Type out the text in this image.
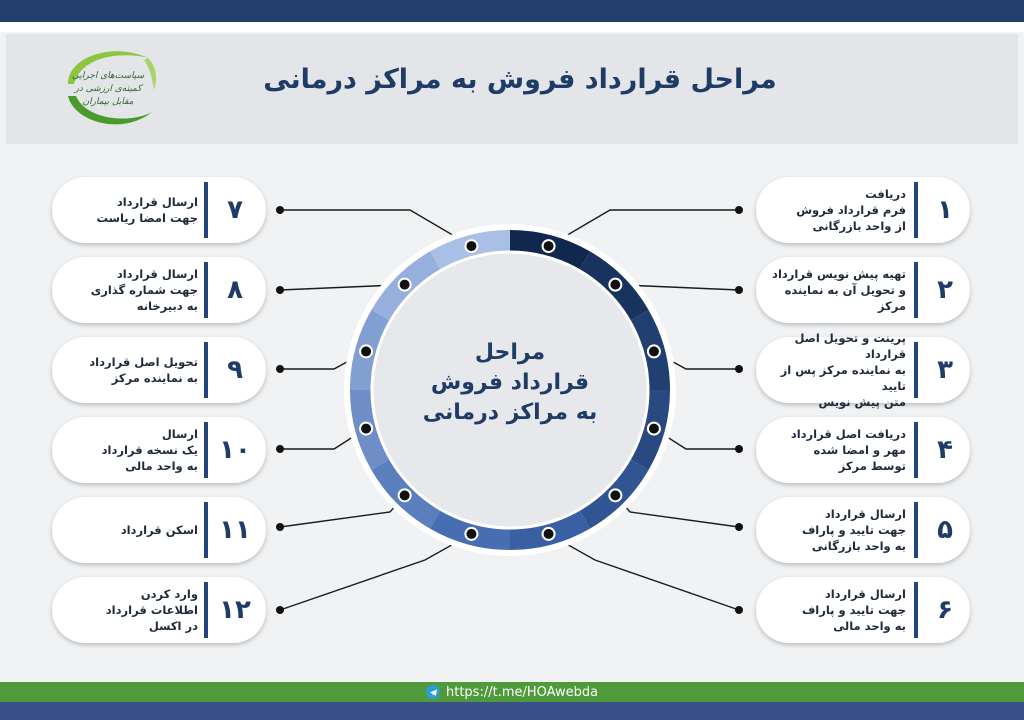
سیاست‌های اجرایی کمیته‌ی ارزشی در مقابل بیماران
مراحل قرارداد فروش به مراکز درمانی
مراحل
قرارداد فروش
به مراکز درمانی
۱
دریافت
فرم قرارداد فروش
از واحد بازرگانی
۲
تهیه پیش نویس قرارداد
و تحویل آن به نماینده مرکز
۳
پرینت و تحویل اصل قرارداد
به نماینده مرکز پس از تایید
متن پیش نویس
۴
دریافت اصل قرارداد
مهر و امضا شده
توسط مرکز
۵
ارسال قرارداد
جهت تایید و پاراف
به واحد بازرگانی
۶
ارسال قرارداد
جهت تایید و پاراف
به واحد مالی
۷
ارسال قرارداد
جهت امضا ریاست
۸
ارسال قرارداد
جهت شماره گذاری
به دبیرخانه
۹
تحویل اصل قرارداد
به نماینده مرکز
۱۰
ارسال
یک نسخه قرارداد
به واحد مالی
۱۱
اسکن قرارداد
۱۲
وارد کردن
اطلاعات قرارداد
در اکسل
https://t.me/HOAwebda
